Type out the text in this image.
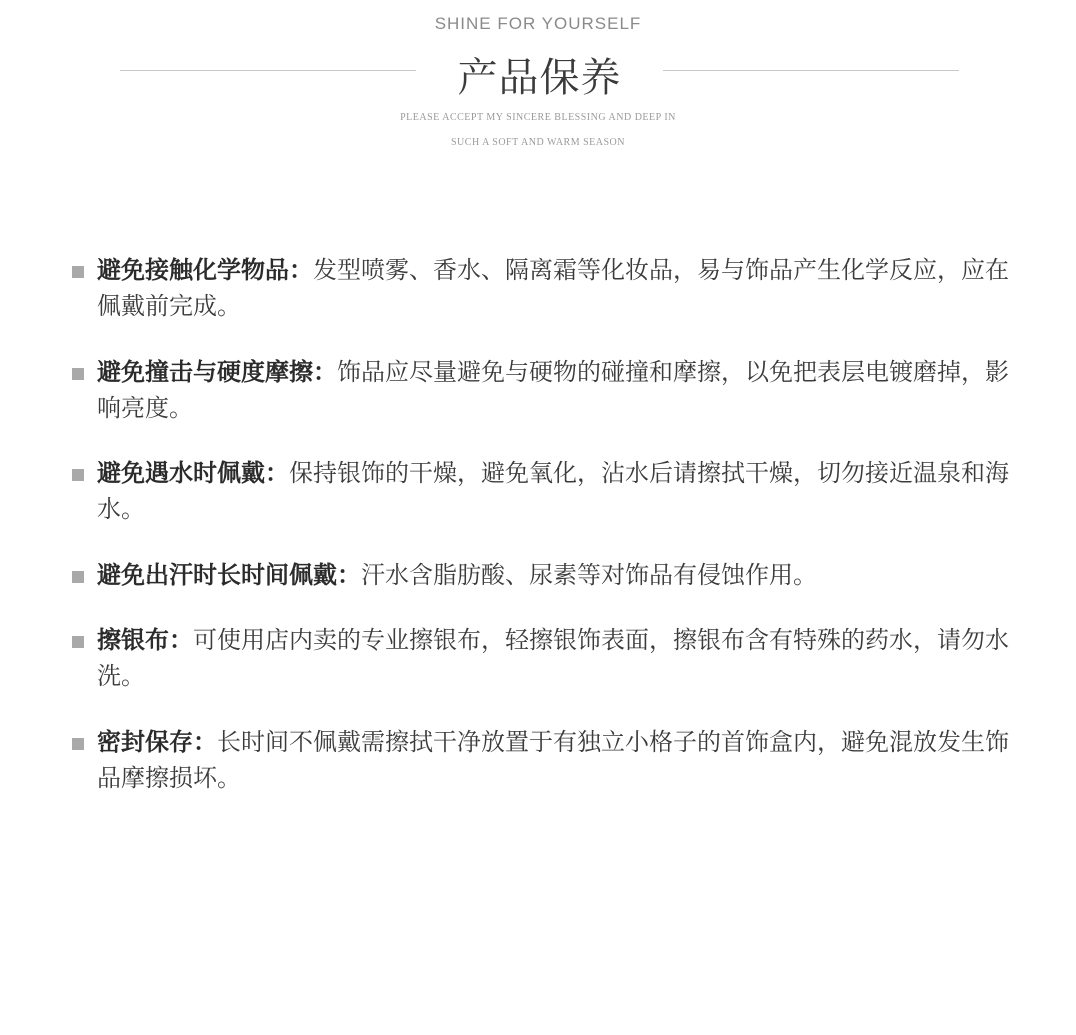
SHINE FOR YOURSELF
产品保养
PLEASE ACCEPT MY SINCERE BLESSING AND DEEP IN
SUCH A SOFT AND WARM SEASON
避免接触化学物品：发型喷雾、香水、隔离霜等化妆品，易与饰品产生化学反应，应在佩戴前完成。
避免撞击与硬度摩擦：饰品应尽量避免与硬物的碰撞和摩擦，以免把表层电镀磨掉，影响亮度。
避免遇水时佩戴：保持银饰的干燥，避免氧化，沾水后请擦拭干燥，切勿接近温泉和海水。
避免出汗时长时间佩戴：汗水含脂肪酸、尿素等对饰品有侵蚀作用。
擦银布：可使用店内卖的专业擦银布，轻擦银饰表面，擦银布含有特殊的药水，请勿水洗。
密封保存：长时间不佩戴需擦拭干净放置于有独立小格子的首饰盒内，避免混放发生饰品摩擦损坏。
